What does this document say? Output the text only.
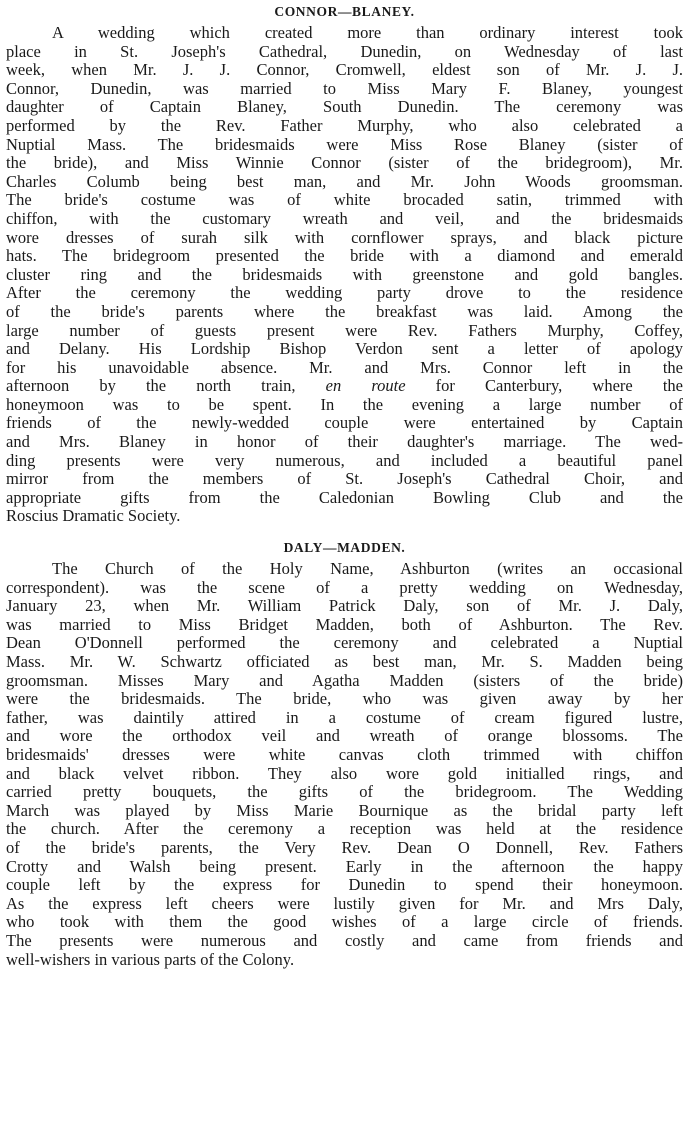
CONNOR—BLANEY.
A wedding which created more than ordinary interest took
place in St. Joseph's Cathedral, Dunedin, on Wednesday of last
week, when Mr. J. J. Connor, Cromwell, eldest son of Mr. J. J.
Connor, Dunedin, was married to Miss Mary F. Blaney, youngest
daughter of Captain Blaney, South Dunedin. The ceremony was
performed by the Rev. Father Murphy, who also celebrated a
Nuptial Mass. The bridesmaids were Miss Rose Blaney (sister of
the bride), and Miss Winnie Connor (sister of the bridegroom), Mr.
Charles Columb being best man, and Mr. John Woods groomsman.
The bride's costume was of white brocaded satin, trimmed with
chiffon, with the customary wreath and veil, and the bridesmaids
wore dresses of surah silk with cornflower sprays, and black picture
hats. The bridegroom presented the bride with a diamond and emerald
cluster ring and the bridesmaids with greenstone and gold bangles.
After the ceremony the wedding party drove to the residence
of the bride's parents where the breakfast was laid. Among the
large number of guests present were Rev. Fathers Murphy, Coffey,
and Delany. His Lordship Bishop Verdon sent a letter of apology
for his unavoidable absence. Mr. and Mrs. Connor left in the
afternoon by the north train, en route for Canterbury, where the
honeymoon was to be spent. In the evening a large number of
friends of the newly-wedded couple were entertained by Captain
and Mrs. Blaney in honor of their daughter's marriage. The wed-
ding presents were very numerous, and included a beautiful panel
mirror from the members of St. Joseph's Cathedral Choir, and
appropriate gifts from the Caledonian Bowling Club and the
Roscius Dramatic Society.
DALY—MADDEN.
The Church of the Holy Name, Ashburton (writes an occasional
correspondent). was the scene of a pretty wedding on Wednesday,
January 23, when Mr. William Patrick Daly, son of Mr. J. Daly,
was married to Miss Bridget Madden, both of Ashburton. The Rev.
Dean O'Donnell performed the ceremony and celebrated a Nuptial
Mass. Mr. W. Schwartz officiated as best man, Mr. S. Madden being
groomsman. Misses Mary and Agatha Madden (sisters of the bride)
were the bridesmaids. The bride, who was given away by her
father, was daintily attired in a costume of cream figured lustre,
and wore the orthodox veil and wreath of orange blossoms. The
bridesmaids' dresses were white canvas cloth trimmed with chiffon
and black velvet ribbon. They also wore gold initialled rings, and
carried pretty bouquets, the gifts of the bridegroom. The Wedding
March was played by Miss Marie Bournique as the bridal party left
the church. After the ceremony a reception was held at the residence
of the bride's parents, the Very Rev. Dean O Donnell, Rev. Fathers
Crotty and Walsh being present. Early in the afternoon the happy
couple left by the express for Dunedin to spend their honeymoon.
As the express left cheers were lustily given for Mr. and Mrs Daly,
who took with them the good wishes of a large circle of friends.
The presents were numerous and costly and came from friends and
well-wishers in various parts of the Colony.
